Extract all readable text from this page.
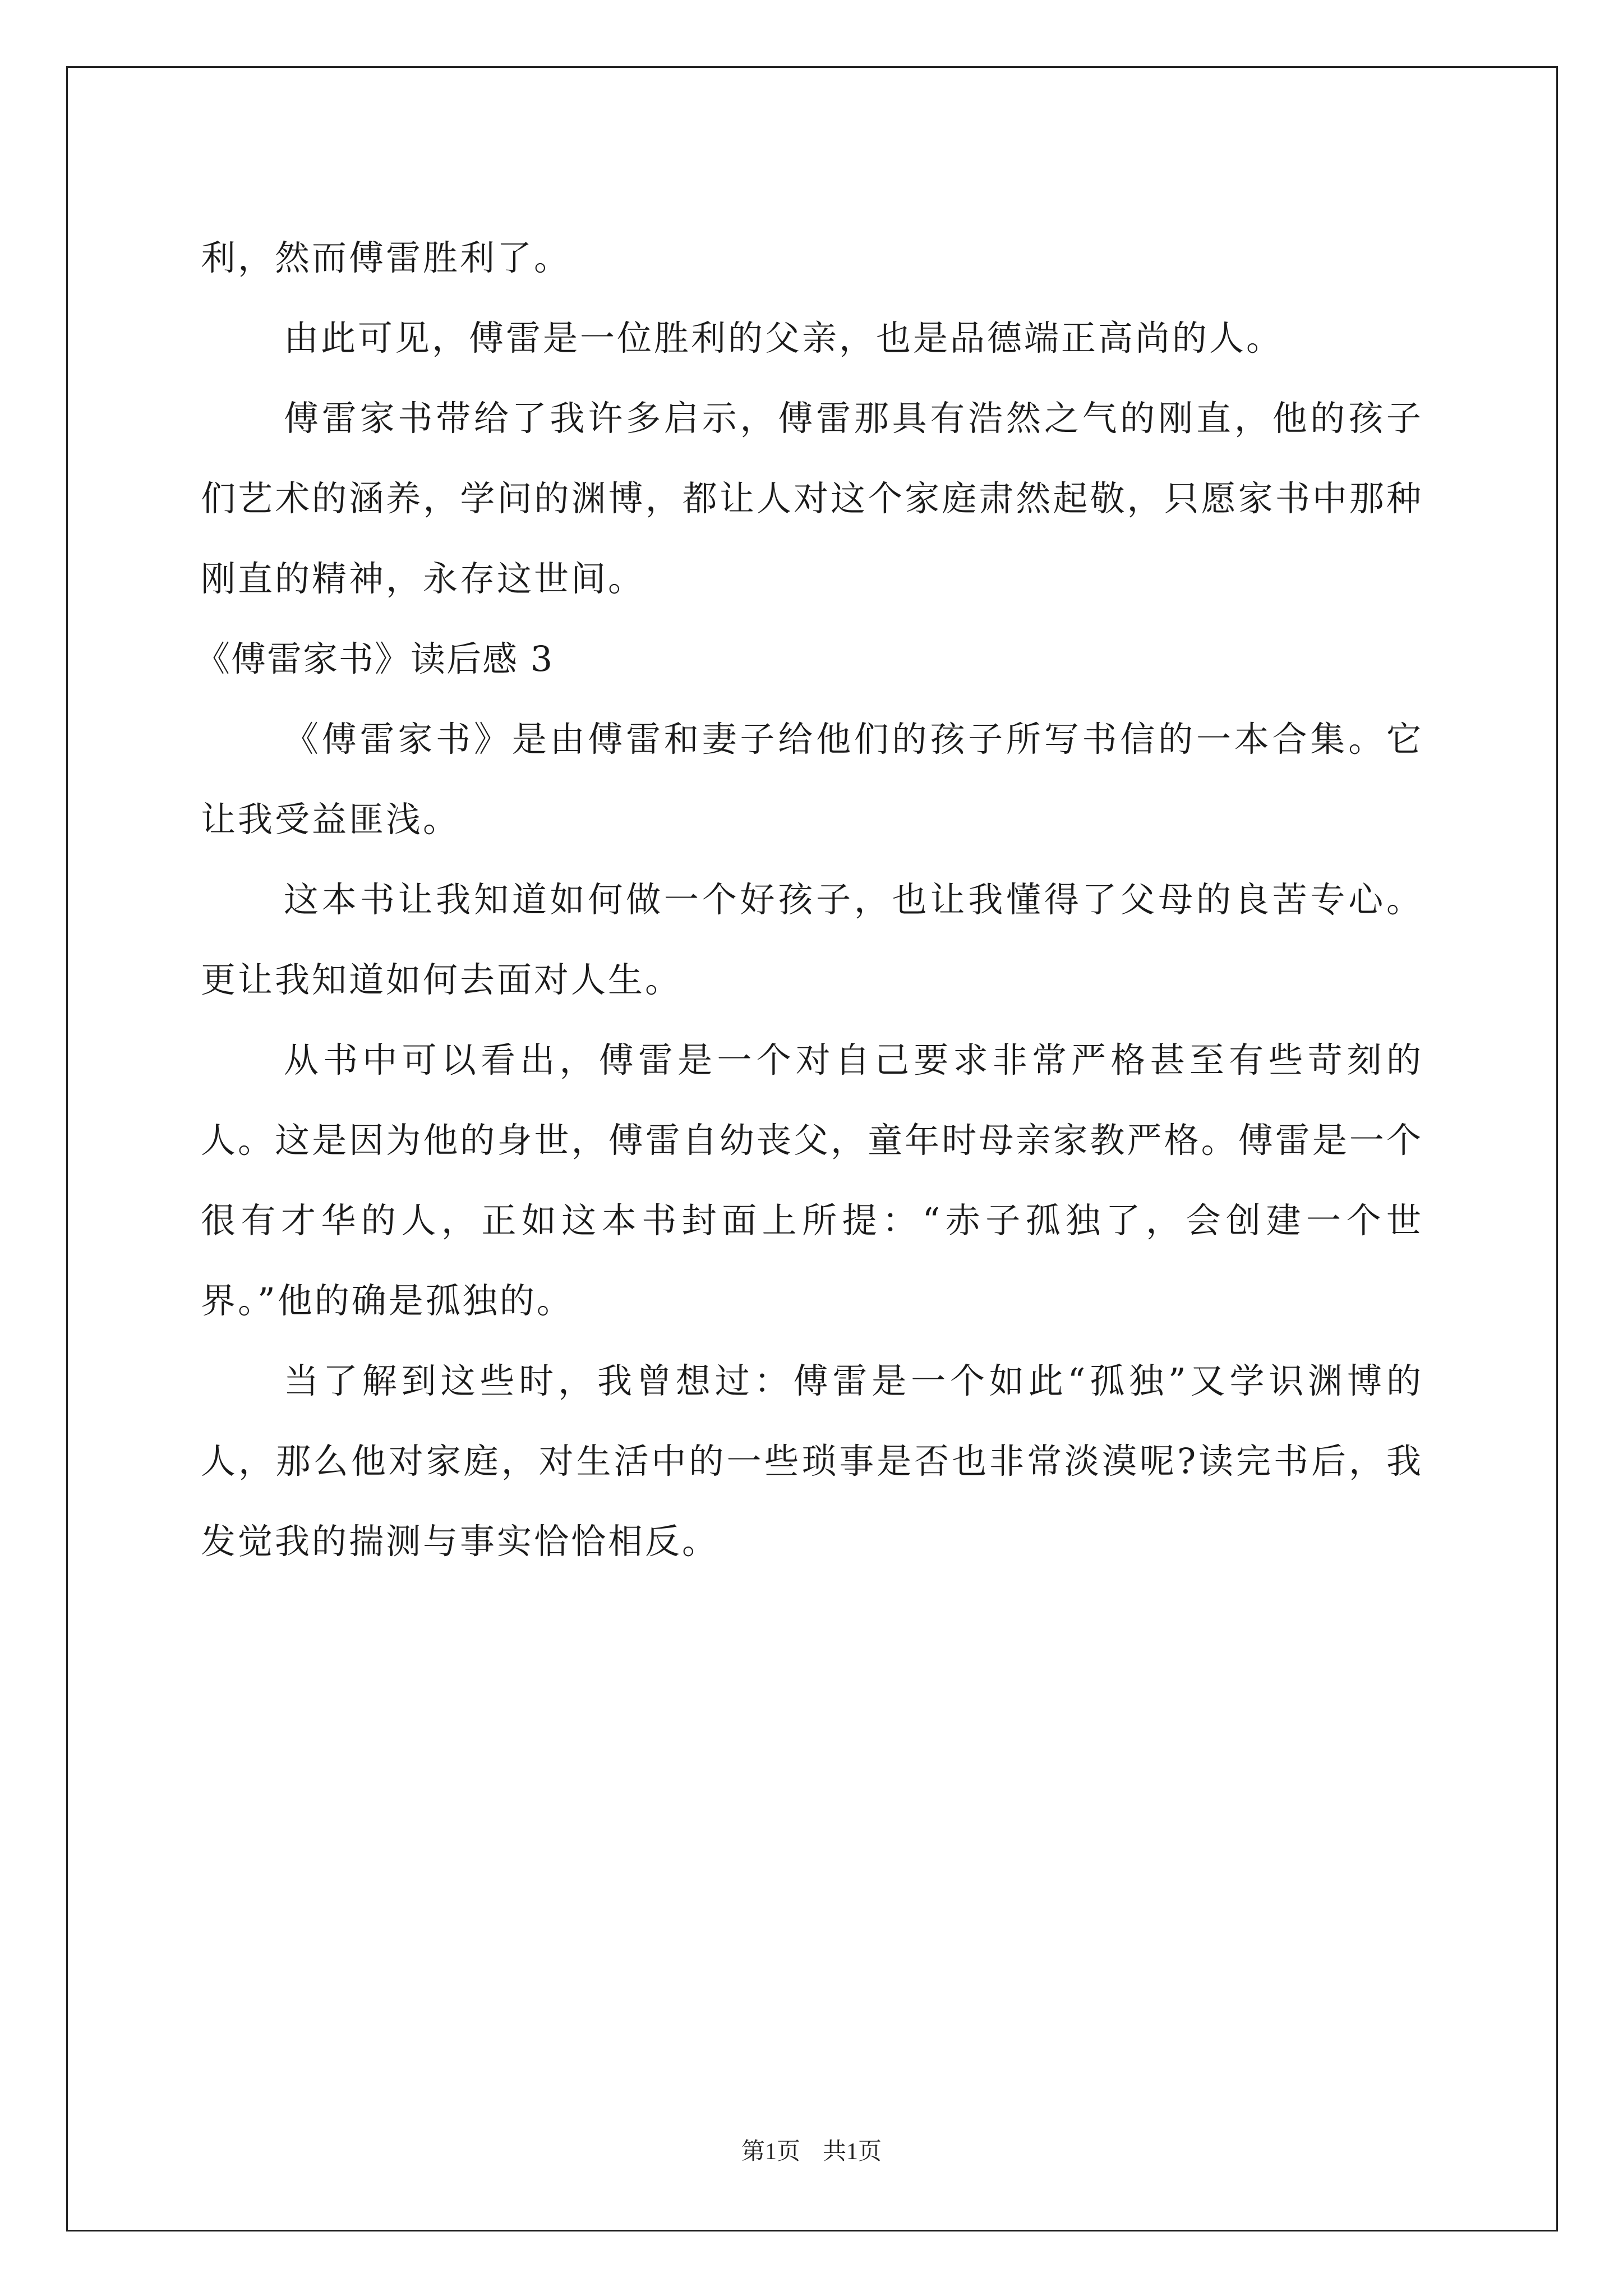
利，然而傅雷胜利了。

由此可见，傅雷是一位胜利的父亲，也是品德端正高尚的人。

傅雷家书带给了我许多启示，傅雷那具有浩然之气的刚直，他的孩子们艺术的涵养，学问的渊博，都让人对这个家庭肃然起敬，只愿家书中那种刚直的精神，永存这世间。

《傅雷家书》读后感 3

《傅雷家书》是由傅雷和妻子给他们的孩子所写书信的一本合集。它让我受益匪浅。

这本书让我知道如何做一个好孩子，也让我懂得了父母的良苦专心。更让我知道如何去面对人生。

从书中可以看出，傅雷是一个对自己要求非常严格甚至有些苛刻的人。这是因为他的身世，傅雷自幼丧父，童年时母亲家教严格。傅雷是一个很有才华的人，正如这本书封面上所提：“赤子孤独了，会创建一个世界。”他的确是孤独的。

当了解到这些时，我曾想过：傅雷是一个如此“孤独”又学识渊博的人，那么他对家庭，对生活中的一些琐事是否也非常淡漠呢?读完书后，我发觉我的揣测与事实恰恰相反。

第1页 共1页
